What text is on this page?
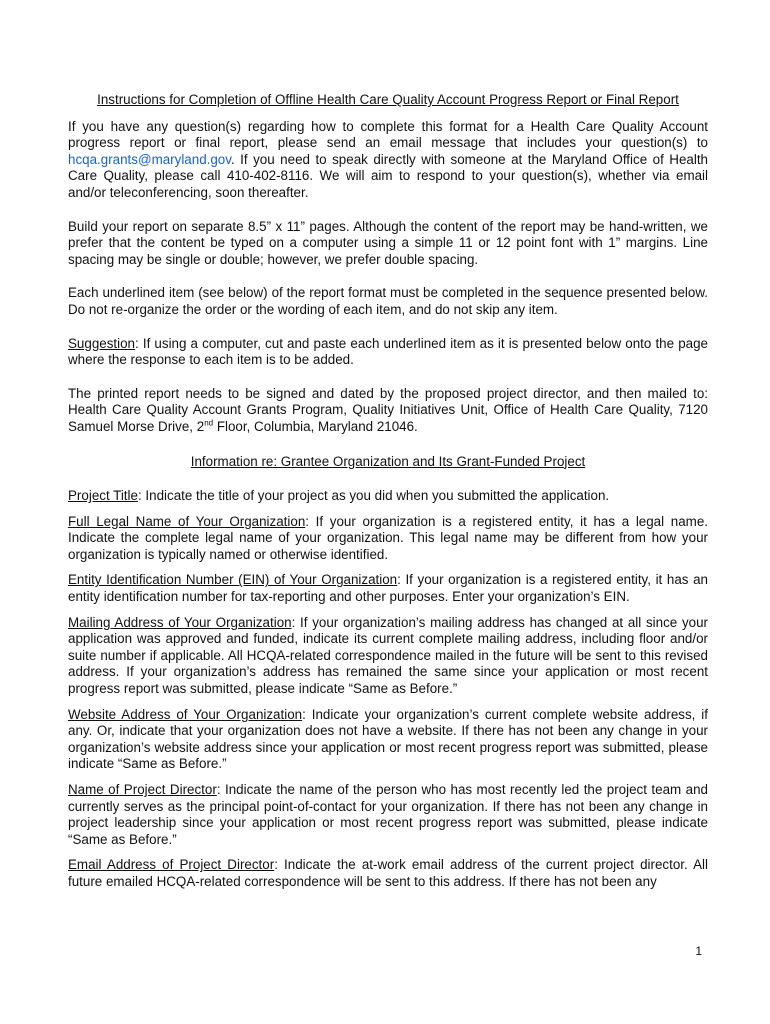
Instructions for Completion of Offline Health Care Quality Account Progress Report or Final Report

If you have any question(s) regarding how to complete this format for a Health Care Quality Account progress report or final report, please send an email message that includes your question(s) to hcqa.grants@maryland.gov. If you need to speak directly with someone at the Maryland Office of Health Care Quality, please call 410-402-8116. We will aim to respond to your question(s), whether via email and/or teleconferencing, soon thereafter.

Build your report on separate 8.5” x 11” pages. Although the content of the report may be hand-written, we prefer that the content be typed on a computer using a simple 11 or 12 point font with 1” margins. Line spacing may be single or double; however, we prefer double spacing.

Each underlined item (see below) of the report format must be completed in the sequence presented below. Do not re-organize the order or the wording of each item, and do not skip any item.

Suggestion: If using a computer, cut and paste each underlined item as it is presented below onto the page where the response to each item is to be added.

The printed report needs to be signed and dated by the proposed project director, and then mailed to: Health Care Quality Account Grants Program, Quality Initiatives Unit, Office of Health Care Quality, 7120 Samuel Morse Drive, 2nd Floor, Columbia, Maryland 21046.

Information re: Grantee Organization and Its Grant-Funded Project

Project Title: Indicate the title of your project as you did when you submitted the application.

Full Legal Name of Your Organization: If your organization is a registered entity, it has a legal name. Indicate the complete legal name of your organization. This legal name may be different from how your organization is typically named or otherwise identified.

Entity Identification Number (EIN) of Your Organization: If your organization is a registered entity, it has an entity identification number for tax-reporting and other purposes. Enter your organization’s EIN.

Mailing Address of Your Organization: If your organization’s mailing address has changed at all since your application was approved and funded, indicate its current complete mailing address, including floor and/or suite number if applicable. All HCQA-related correspondence mailed in the future will be sent to this revised address. If your organization’s address has remained the same since your application or most recent progress report was submitted, please indicate “Same as Before.”

Website Address of Your Organization: Indicate your organization’s current complete website address, if any. Or, indicate that your organization does not have a website. If there has not been any change in your organization’s website address since your application or most recent progress report was submitted, please indicate “Same as Before.”

Name of Project Director: Indicate the name of the person who has most recently led the project team and currently serves as the principal point-of-contact for your organization. If there has not been any change in project leadership since your application or most recent progress report was submitted, please indicate “Same as Before.”

Email Address of Project Director: Indicate the at-work email address of the current project director. All future emailed HCQA-related correspondence will be sent to this address. If there has not been any

1
